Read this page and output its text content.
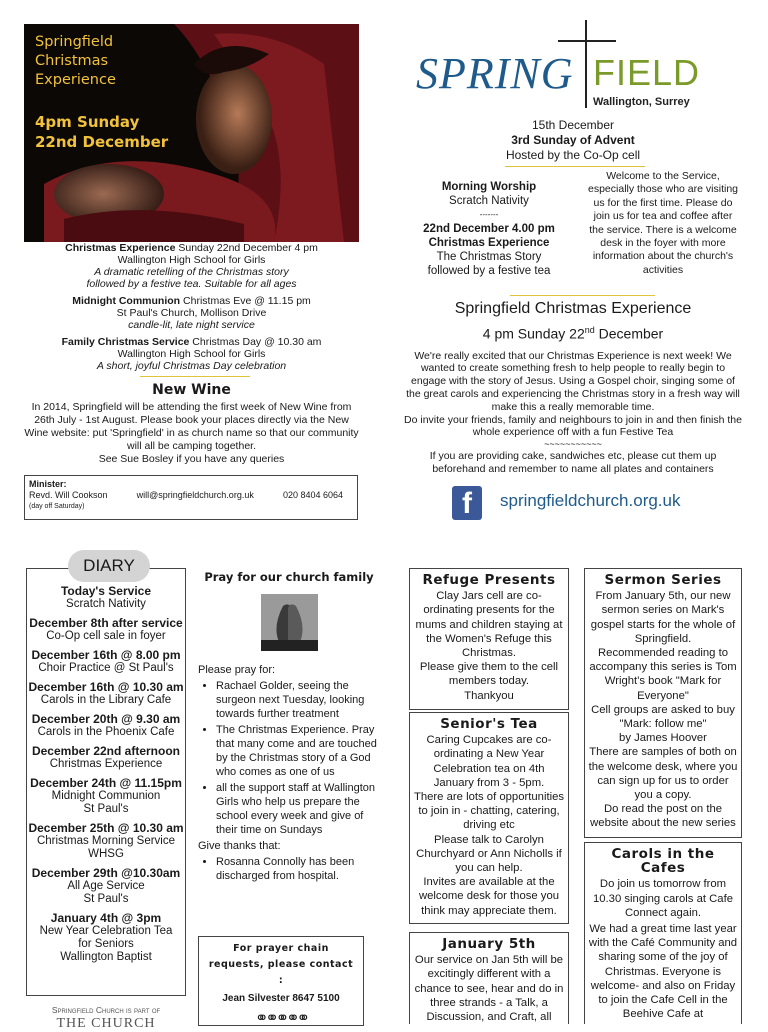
Springfield
Christmas
Experience
4pm Sunday
22nd December
Christmas Experience Sunday 22nd December 4 pm
Wallington High School for Girls
A dramatic retelling of the Christmas story
followed by a festive tea. Suitable for all ages
Midnight Communion Christmas Eve @ 11.15 pm
St Paul's Church, Mollison Drive
candle-lit, late night service
Family Christmas Service Christmas Day @ 10.30 am
Wallington High School for Girls
A short, joyful Christmas Day celebration
New Wine
In 2014, Springfield will be attending the first week of New Wine from 26th July - 1st August. Please book your places directly via the New Wine website: put 'Springfield' in as church name so that our community will all be camping together.
See Sue Bosley if you have any queries
Minister:
Revd. Will Cookson	will@springfieldchurch.org.uk	020 8404 6064
(day off Saturday)
SPRING FIELD
Wallington, Surrey
15th December
3rd Sunday of Advent
Hosted by the Co-Op cell
Morning Worship
Scratch Nativity
-------
22nd December 4.00 pm
Christmas Experience
The Christmas Story
followed by a festive tea
Welcome to the Service, especially those who are visiting us for the first time. Please do join us for tea and coffee after the service. There is a welcome desk in the foyer with more information about the church's activities
Springfield Christmas Experience
4 pm Sunday 22nd December
We're really excited that our Christmas Experience is next week! We wanted to create something fresh to help people to really begin to engage with the story of Jesus. Using a Gospel choir, singing some of the great carols and experiencing the Christmas story in a fresh way will make this a really memorable time.
Do invite your friends, family and neighbours to join in and then finish the whole experience off with a fun Festive Tea
~~~~~~~~~~~
If you are providing cake, sandwiches etc, please cut them up beforehand and remember to name all plates and containers
f	springfieldchurch.org.uk
Today's Service
Scratch Nativity
December 8th after service
Co-Op cell sale in foyer
December 16th @ 8.00 pm
Choir Practice @ St Paul's
December 16th @ 10.30 am
Carols in the Library Cafe
December 20th @ 9.30 am
Carols in the Phoenix Cafe
December 22nd afternoon
Christmas Experience
December 24th @ 11.15pm
Midnight Communion
St Paul's
December 25th @ 10.30 am
Christmas Morning Service
WHSG
December 29th @10.30am
All Age Service
St Paul's
January 4th @ 3pm
New Year Celebration Tea
for Seniors
Wallington Baptist
DIARY
Springfield Church is part of
THE CHURCH
Pray for our church family
Please pray for:
• Rachael Golder, seeing the surgeon next Tuesday, looking towards further treatment
• The Christmas Experience. Pray that many come and are touched by the Christmas story of a God who comes as one of us
• all the support staff at Wallington Girls who help us prepare the school every week and give of their time on Sundays
Give thanks that:
• Rosanna Connolly has been discharged from hospital.
For prayer chain requests, please contact :
Jean Silvester 8647 5100
⚭⚭⚭⚭⚭
Refuge Presents
Clay Jars cell are co-ordinating presents for the mums and children staying at the Women's Refuge this Christmas.
Please give them to the cell members today.
Thankyou
Senior's Tea
Caring Cupcakes are co-ordinating a New Year Celebration tea on 4th January from 3 - 5pm.
There are lots of opportunities to join in - chatting, catering, driving etc
Please talk to Carolyn Churchyard or Ann Nicholls if you can help.
Invites are available at the welcome desk for those you think may appreciate them.
January 5th
Our service on Jan 5th will be excitingly different with a chance to see, hear and do in three strands - a Talk, a Discussion, and Craft, all
Sermon Series
From January 5th, our new sermon series on Mark's gospel starts for the whole of Springfield.
Recommended reading to accompany this series is Tom Wright's book "Mark for Everyone"
Cell groups are asked to buy "Mark: follow me"
by James Hoover
There are samples of both on the welcome desk, where you can sign up for us to order you a copy.
Do read the post on the website about the new series
Carols in the Cafes
Do join us tomorrow from 10.30 singing carols at Cafe Connect again.
We had a great time last year with the Café Community and sharing some of the joy of Christmas. Everyone is welcome- and also on Friday to join the Cafe Cell in the Beehive Cafe at
